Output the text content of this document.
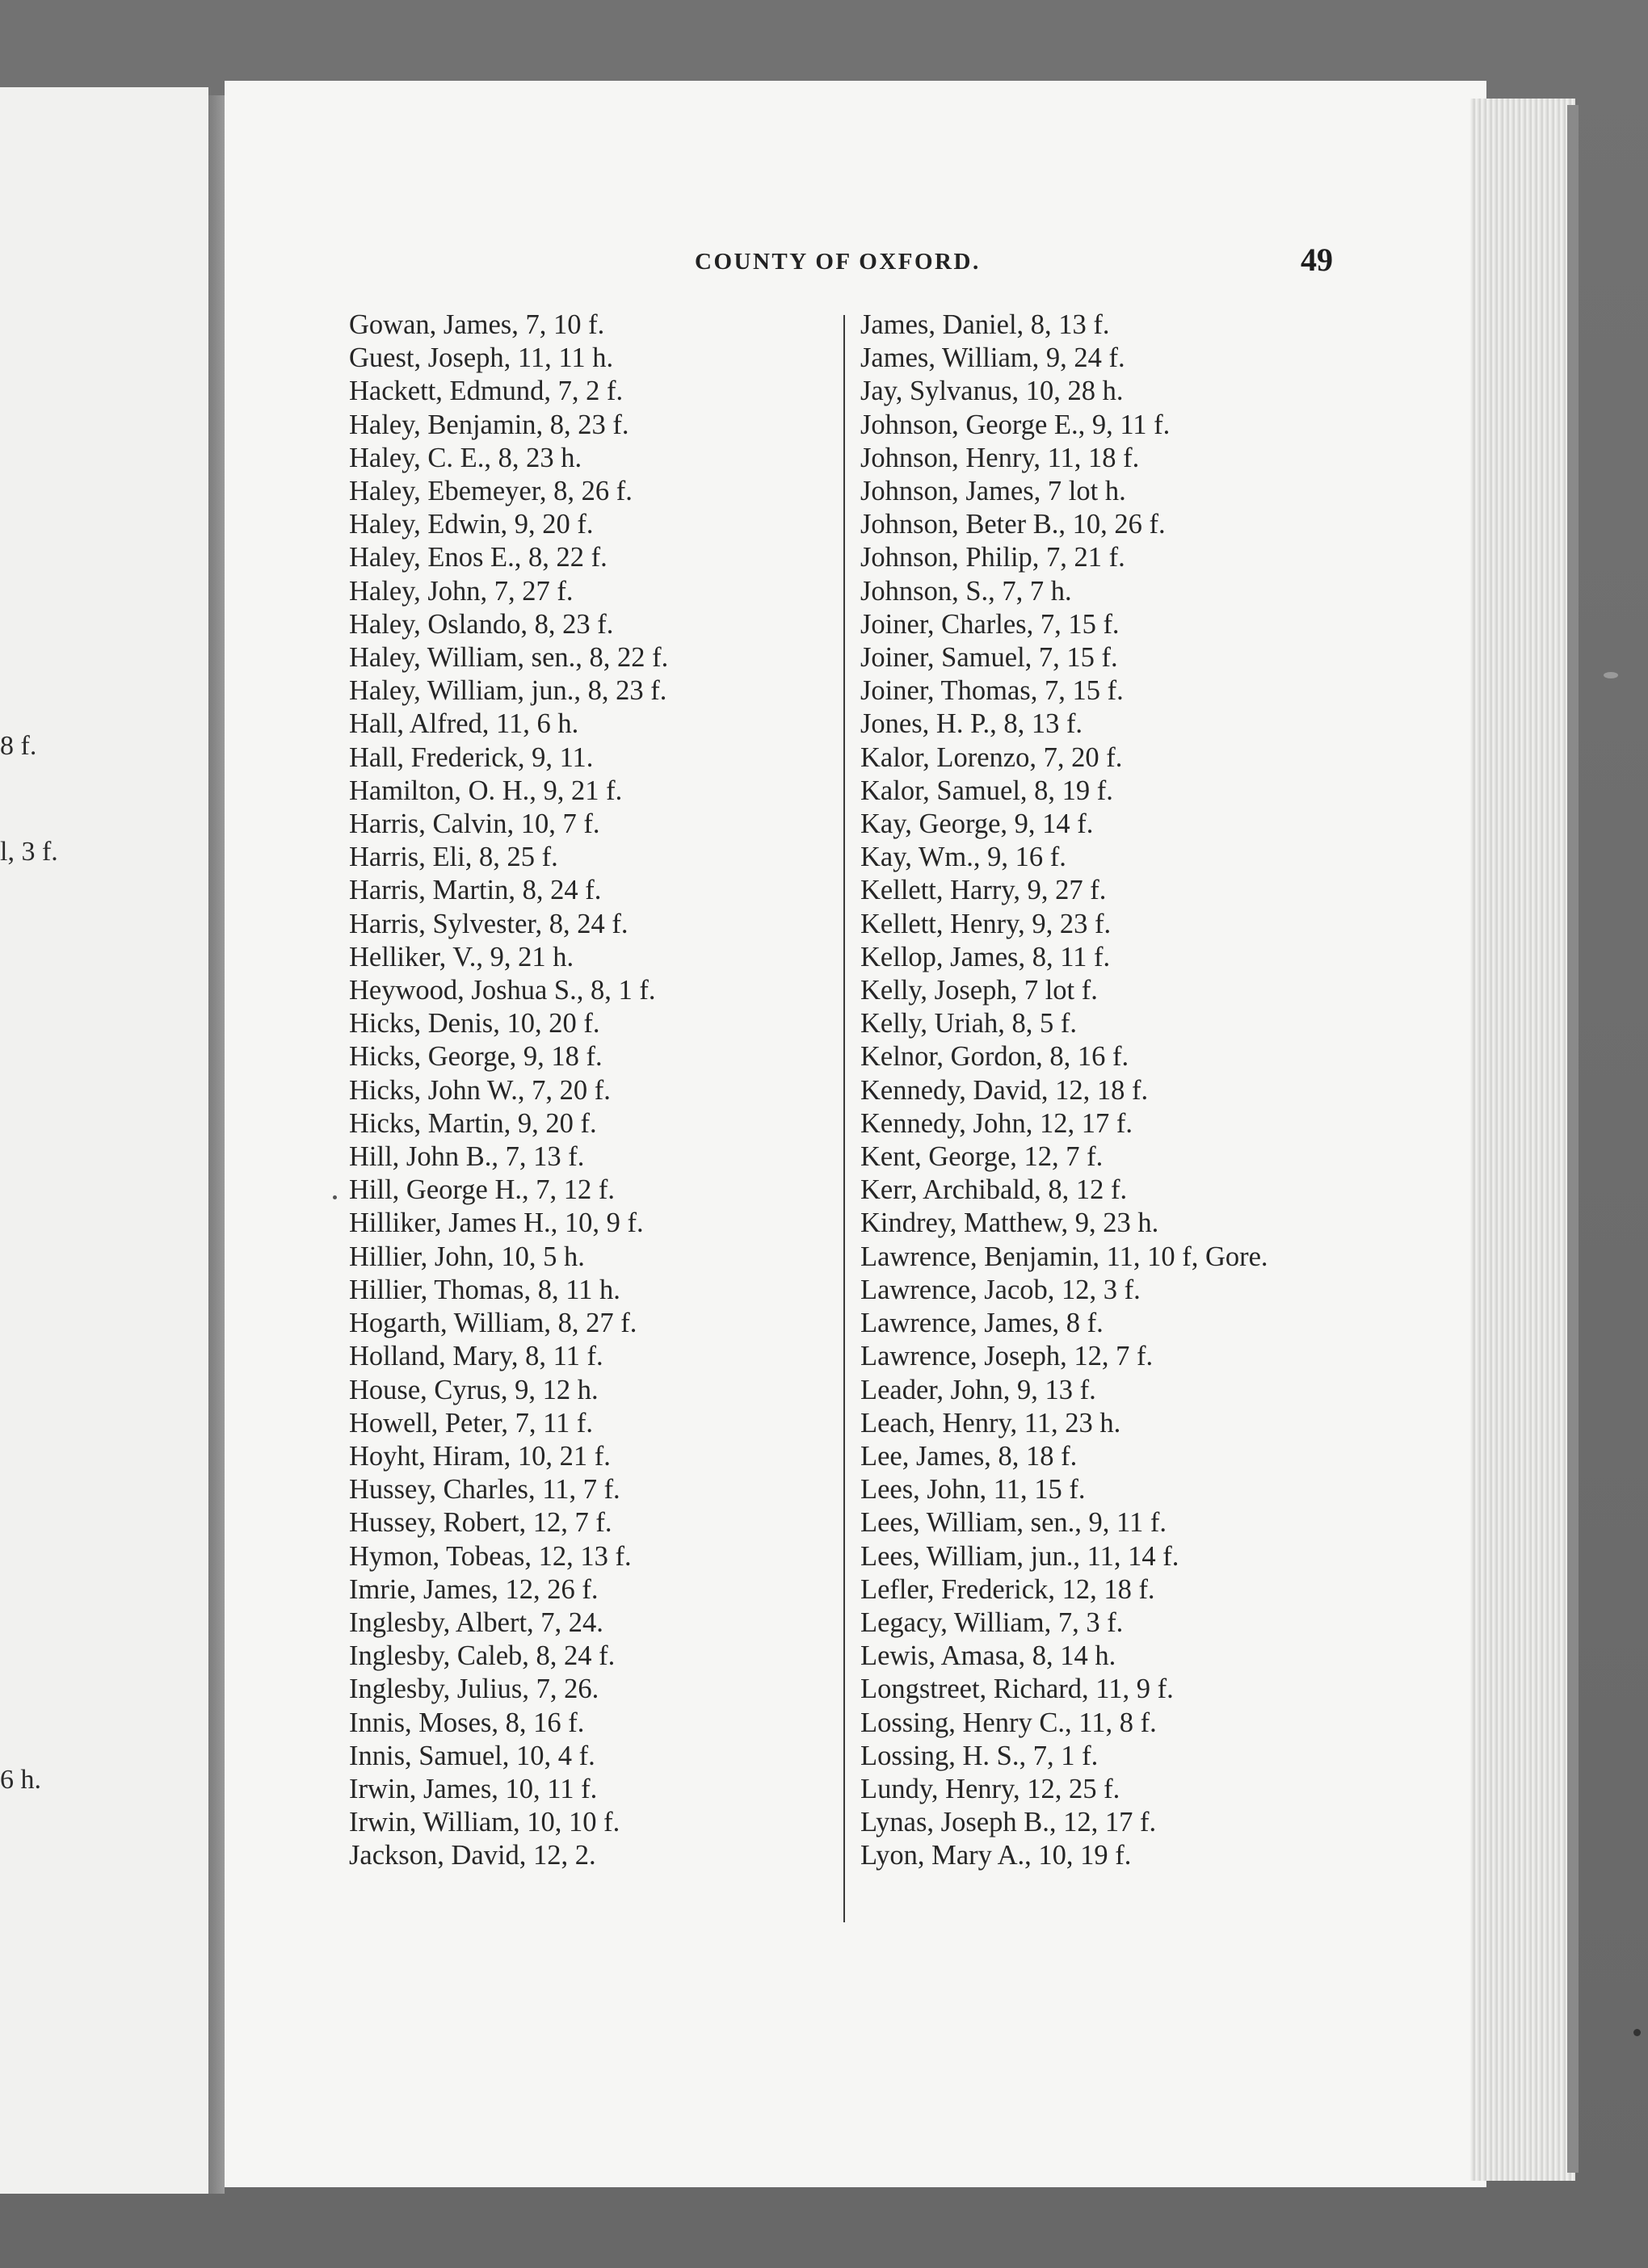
8 f.
l, 3 f.
6 h.
COUNTY OF OXFORD.	49
Gowan, James, 7, 10 f.
Guest, Joseph, 11, 11 h.
Hackett, Edmund, 7, 2 f.
Haley, Benjamin, 8, 23 f.
Haley, C. E., 8, 23 h.
Haley, Ebemeyer, 8, 26 f.
Haley, Edwin, 9, 20 f.
Haley, Enos E., 8, 22 f.
Haley, John, 7, 27 f.
Haley, Oslando, 8, 23 f.
Haley, William, sen., 8, 22 f.
Haley, William, jun., 8, 23 f.
Hall, Alfred, 11, 6 h.
Hall, Frederick, 9, 11.
Hamilton, O. H., 9, 21 f.
Harris, Calvin, 10, 7 f.
Harris, Eli, 8, 25 f.
Harris, Martin, 8, 24 f.
Harris, Sylvester, 8, 24 f.
Helliker, V., 9, 21 h.
Heywood, Joshua S., 8, 1 f.
Hicks, Denis, 10, 20 f.
Hicks, George, 9, 18 f.
Hicks, John W., 7, 20 f.
Hicks, Martin, 9, 20 f.
Hill, John B., 7, 13 f.
Hill, George H., 7, 12 f.
Hilliker, James H., 10, 9 f.
Hillier, John, 10, 5 h.
Hillier, Thomas, 8, 11 h.
Hogarth, William, 8, 27 f.
Holland, Mary, 8, 11 f.
House, Cyrus, 9, 12 h.
Howell, Peter, 7, 11 f.
Hoyht, Hiram, 10, 21 f.
Hussey, Charles, 11, 7 f.
Hussey, Robert, 12, 7 f.
Hymon, Tobeas, 12, 13 f.
Imrie, James, 12, 26 f.
Inglesby, Albert, 7, 24.
Inglesby, Caleb, 8, 24 f.
Inglesby, Julius, 7, 26.
Innis, Moses, 8, 16 f.
Innis, Samuel, 10, 4 f.
Irwin, James, 10, 11 f.
Irwin, William, 10, 10 f.
Jackson, David, 12, 2.
James, Daniel, 8, 13 f.
James, William, 9, 24 f.
Jay, Sylvanus, 10, 28 h.
Johnson, George E., 9, 11 f.
Johnson, Henry, 11, 18 f.
Johnson, James, 7 lot h.
Johnson, Beter B., 10, 26 f.
Johnson, Philip, 7, 21 f.
Johnson, S., 7, 7 h.
Joiner, Charles, 7, 15 f.
Joiner, Samuel, 7, 15 f.
Joiner, Thomas, 7, 15 f.
Jones, H. P., 8, 13 f.
Kalor, Lorenzo, 7, 20 f.
Kalor, Samuel, 8, 19 f.
Kay, George, 9, 14 f.
Kay, Wm., 9, 16 f.
Kellett, Harry, 9, 27 f.
Kellett, Henry, 9, 23 f.
Kellop, James, 8, 11 f.
Kelly, Joseph, 7 lot f.
Kelly, Uriah, 8, 5 f.
Kelnor, Gordon, 8, 16 f.
Kennedy, David, 12, 18 f.
Kennedy, John, 12, 17 f.
Kent, George, 12, 7 f.
Kerr, Archibald, 8, 12 f.
Kindrey, Matthew, 9, 23 h.
Lawrence, Benjamin, 11, 10 f, Gore.
Lawrence, Jacob, 12, 3 f.
Lawrence, James, 8 f.
Lawrence, Joseph, 12, 7 f.
Leader, John, 9, 13 f.
Leach, Henry, 11, 23 h.
Lee, James, 8, 18 f.
Lees, John, 11, 15 f.
Lees, William, sen., 9, 11 f.
Lees, William, jun., 11, 14 f.
Lefler, Frederick, 12, 18 f.
Legacy, William, 7, 3 f.
Lewis, Amasa, 8, 14 h.
Longstreet, Richard, 11, 9 f.
Lossing, Henry C., 11, 8 f.
Lossing, H. S., 7, 1 f.
Lundy, Henry, 12, 25 f.
Lynas, Joseph B., 12, 17 f.
Lyon, Mary A., 10, 19 f.
